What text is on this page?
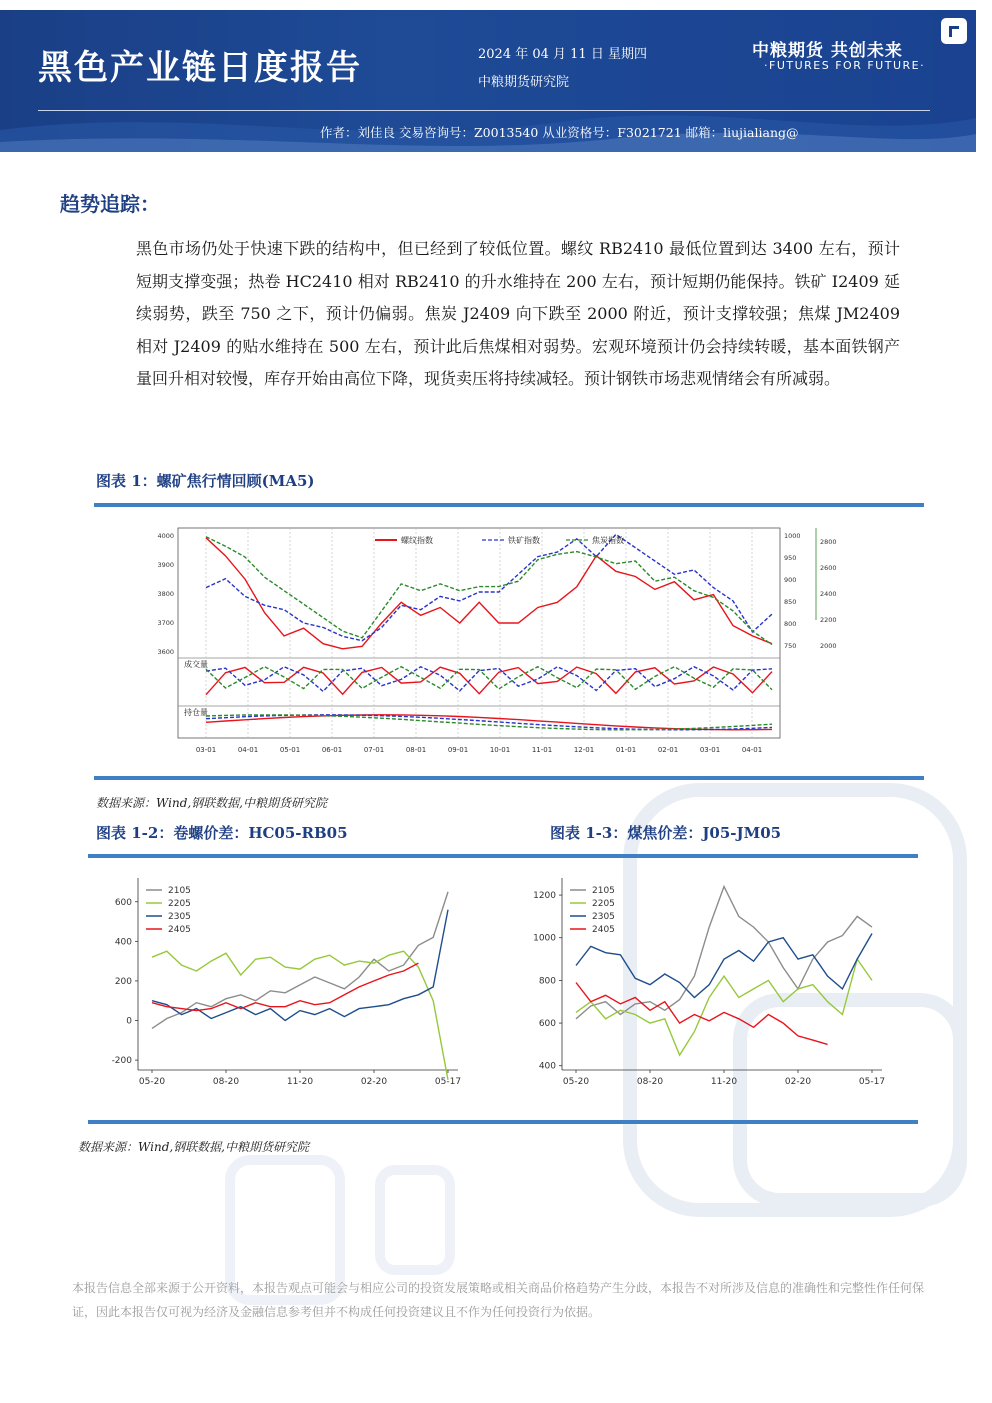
黑色产业链日度报告	2024 年 04 月 11 日 星期四
中粮期货研究院
中粮期货 共创未来
·FUTURES FOR FUTURE·
作者：刘佳良 交易咨询号：Z0013540 从业资格号：F3021721 邮箱：liujialiang@
趋势追踪：
黑色市场仍处于快速下跌的结构中，但已经到了较低位置。螺纹 RB2410 最低位置到达 3400 左右，预计短期支撑变强；热卷 HC2410 相对 RB2410 的升水维持在 200 左右，预计短期仍能保持。铁矿 I2409 延续弱势，跌至 750 之下，预计仍偏弱。焦炭 J2409 向下跌至 2000 附近，预计支撑较强；焦煤 JM2409 相对 J2409 的贴水维持在 500 左右，预计此后焦煤相对弱势。宏观环境预计仍会持续转暖，基本面铁钢产量回升相对较慢，库存开始由高位下降，现货卖压将持续减轻。预计钢铁市场悲观情绪会有所减弱。
图表 1：螺矿焦行情回顾(MA5)
03-01	04-01	05-01	06-01	07-01	08-01	09-01	10-01	11-01	12-01	01-01	02-01	03-01	04-01
4000
3900
3800
3700
3600
1000
950
900
850
800
750
2800
2600
2400
2200
2000
成交量
持仓量
螺纹指数	铁矿指数	焦炭指数
数据来源：Wind,钢联数据,中粮期货研究院
图表 1-2：卷螺价差：HC05-RB05	图表 1-3：煤焦价差：J05-JM05
-200
0
200
400
600
05-20	08-20	11-20	02-20	05-17
2105
2205
2305
2405
400
600
800
1000
1200
05-20	08-20	11-20	02-20	05-17
2105
2205
2305
2405
数据来源：Wind,钢联数据,中粮期货研究院
本报告信息全部来源于公开资料，本报告观点可能会与相应公司的投资发展策略或相关商品价格趋势产生分歧，本报告不对所涉及信息的准确性和完整性作任何保证，因此本报告仅可视为经济及金融信息参考但并不构成任何投资建议且不作为任何投资行为依据。
